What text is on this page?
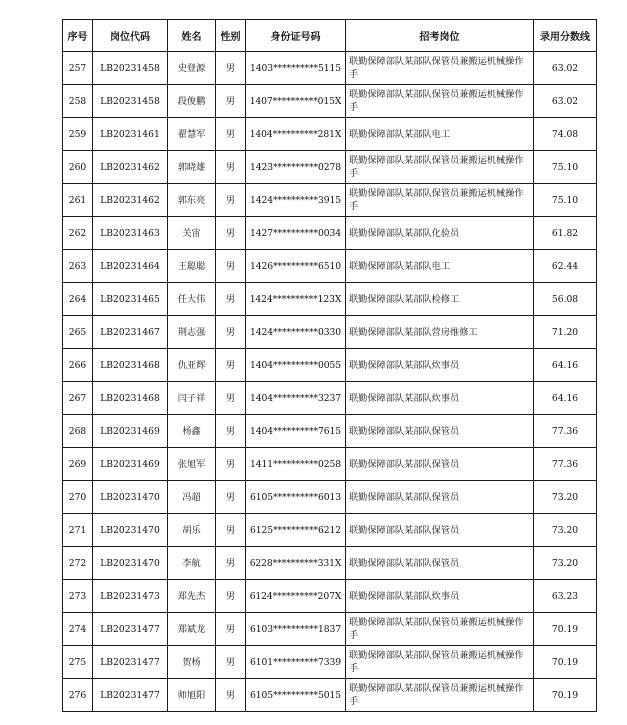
序号	岗位代码	姓名	性别	身份证号码	招考岗位	录用分数线
257	LB20231458	史登源	男	1403**********5115	联勤保障部队某部队保管员兼搬运机械操作手	63.02
258	LB20231458	段俊鹏	男	1407**********015X	联勤保障部队某部队保管员兼搬运机械操作手	63.02
259	LB20231461	翟慧军	男	1404**********281X	联勤保障部队某部队电工	74.08
260	LB20231462	郭晓雄	男	1423**********0278	联勤保障部队某部队保管员兼搬运机械操作手	75.10
261	LB20231462	郭东亮	男	1424**********3915	联勤保障部队某部队保管员兼搬运机械操作手	75.10
262	LB20231463	关宙	男	1427**********0034	联勤保障部队某部队化验员	61.82
263	LB20231464	王聪聪	男	1426**********6510	联勤保障部队某部队电工	62.44
264	LB20231465	任大伟	男	1424**********123X	联勤保障部队某部队检修工	56.08
265	LB20231467	荆志强	男	1424**********0330	联勤保障部队某部队营房维修工	71.20
266	LB20231468	仇亚辉	男	1404**********0055	联勤保障部队某部队炊事员	64.16
267	LB20231468	闫子祥	男	1404**********3237	联勤保障部队某部队炊事员	64.16
268	LB20231469	杨鑫	男	1404**********7615	联勤保障部队某部队保管员	77.36
269	LB20231469	张旭军	男	1411**********0258	联勤保障部队某部队保管员	77.36
270	LB20231470	冯超	男	6105**********6013	联勤保障部队某部队保管员	73.20
271	LB20231470	胡乐	男	6125**********6212	联勤保障部队某部队保管员	73.20
272	LB20231470	李航	男	6228**********331X	联勤保障部队某部队保管员	73.20
273	LB20231473	郑先杰	男	6124**********207X	联勤保障部队某部队炊事员	63.23
274	LB20231477	郑斌龙	男	6103**********1837	联勤保障部队某部队保管员兼搬运机械操作手	70.19
275	LB20231477	贺杨	男	6101**********7339	联勤保障部队某部队保管员兼搬运机械操作手	70.19
276	LB20231477	师旭阳	男	6105**********5015	联勤保障部队某部队保管员兼搬运机械操作手	70.19
